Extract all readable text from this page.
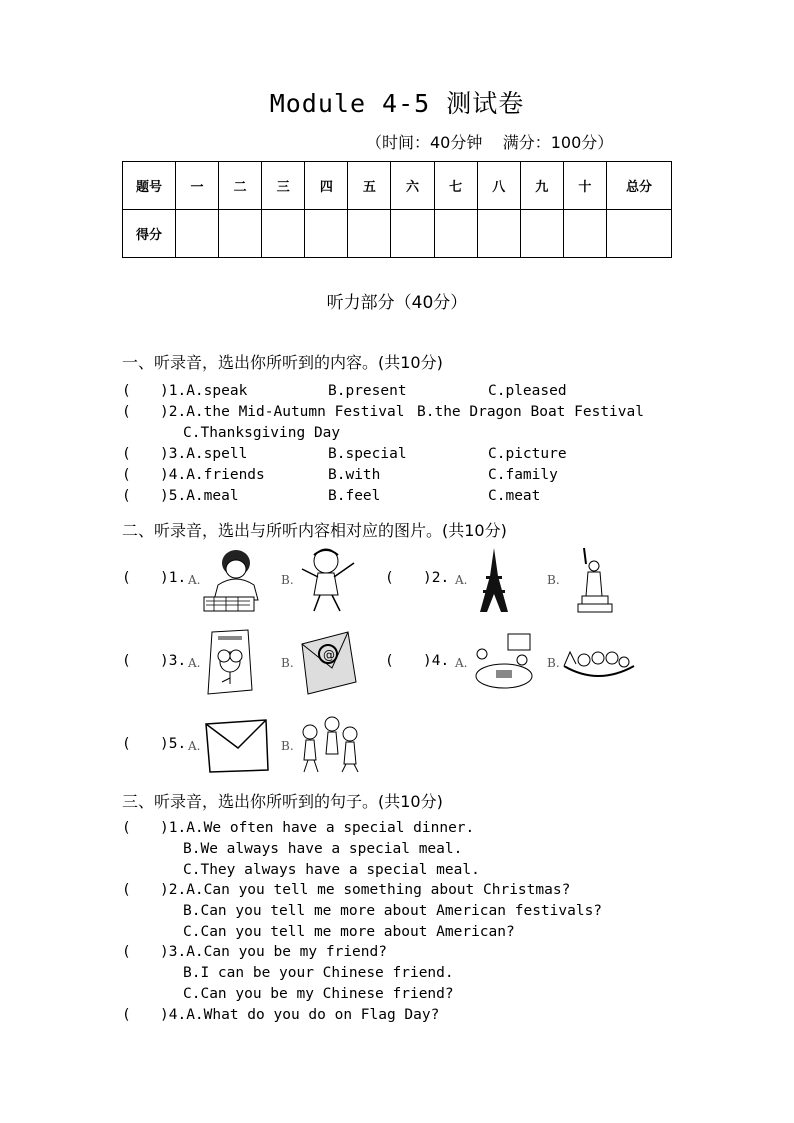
Module 4-5 测试卷
（时间：40分钟    满分：100分）
题号	一	二	三	四	五	六	七	八	九	十	总分
得分											
听力部分（40分）
一、听录音，选出你所听到的内容。(共10分)
( )1.A.speak	B.present	C.pleased
( )2.A.the Mid-Autumn Festival B.the Dragon Boat Festival
C.Thanksgiving Day
( )3.A.spell	B.special	C.picture
( )4.A.friends	B.with	C.family
( )5.A.meal	B.feel	C.meat
二、听录音，选出与所听内容相对应的图片。(共10分)
( )1. A.	B.	( )2. A.	B.
( )3. A.	B.
@	( )4. A.	B.
( )5. A.	B.
三、听录音，选出你所听到的句子。(共10分)
( )1.A.We often have a special dinner.
B.We always have a special meal.
C.They always have a special meal.
( )2.A.Can you tell me something about Christmas?
B.Can you tell me more about American festivals?
C.Can you tell me more about American?
( )3.A.Can you be my friend?
B.I can be your Chinese friend.
C.Can you be my Chinese friend?
( )4.A.What do you do on Flag Day?
